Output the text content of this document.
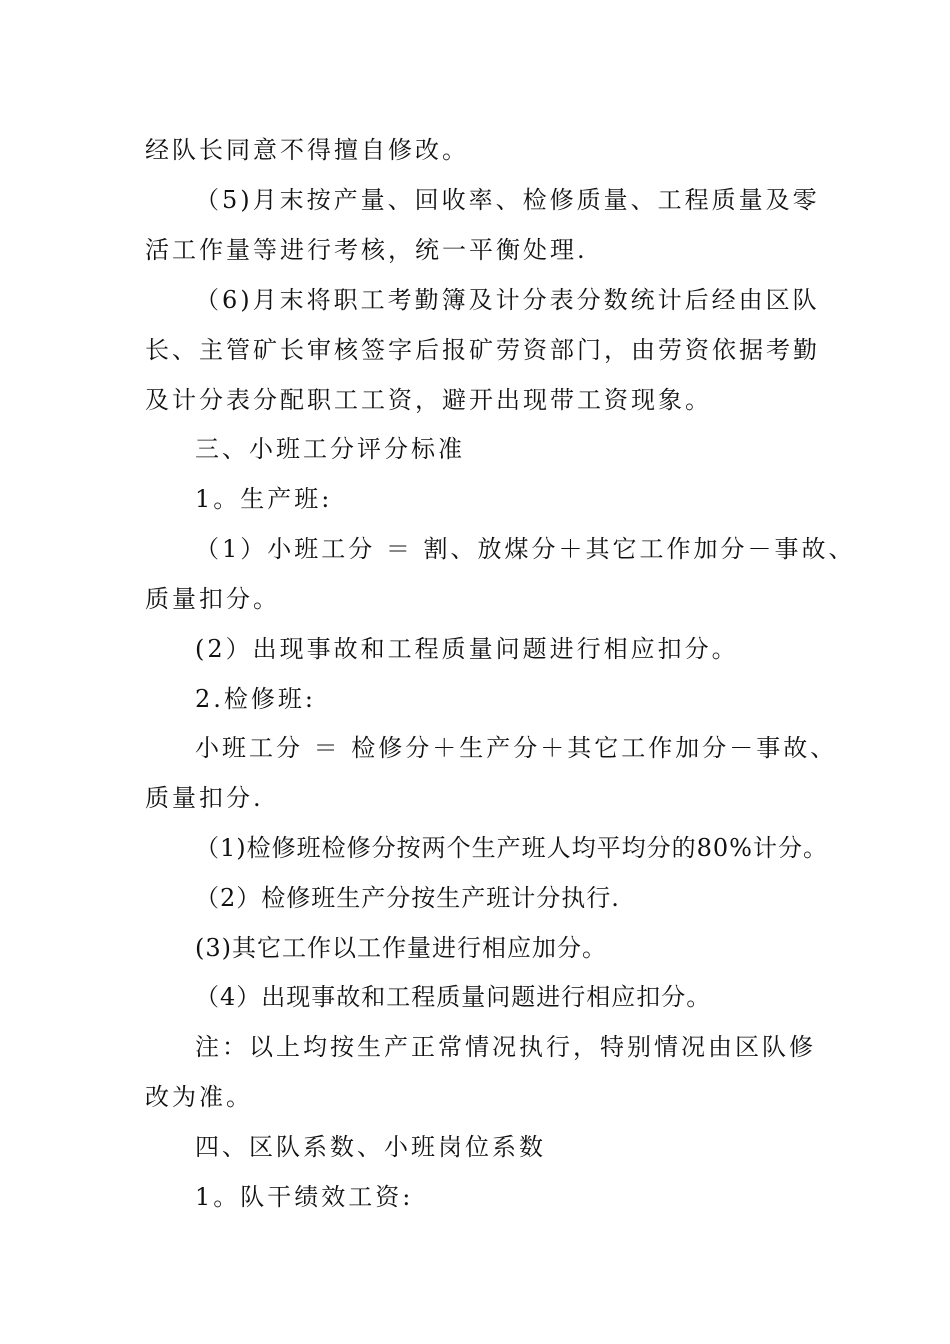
经队长同意不得擅自修改。
（5)月末按产量、回收率、检修质量、工程质量及零
活工作量等进行考核，统一平衡处理.
（6)月末将职工考勤簿及计分表分数统计后经由区队
长、主管矿长审核签字后报矿劳资部门，由劳资依据考勤
及计分表分配职工工资，避开出现带工资现象。
三、小班工分评分标准
1。生产班:
（1）小班工分 ＝ 割、放煤分＋其它工作加分－事故、
质量扣分。
(2）出现事故和工程质量问题进行相应扣分。
2.检修班:
小班工分 ＝ 检修分＋生产分＋其它工作加分－事故、
质量扣分.
（1)检修班检修分按两个生产班人均平均分的80%计分。
（2）检修班生产分按生产班计分执行.
(3)其它工作以工作量进行相应加分。
（4）出现事故和工程质量问题进行相应扣分。
注：以上均按生产正常情况执行，特别情况由区队修
改为准。
四、区队系数、小班岗位系数
1。队干绩效工资:
